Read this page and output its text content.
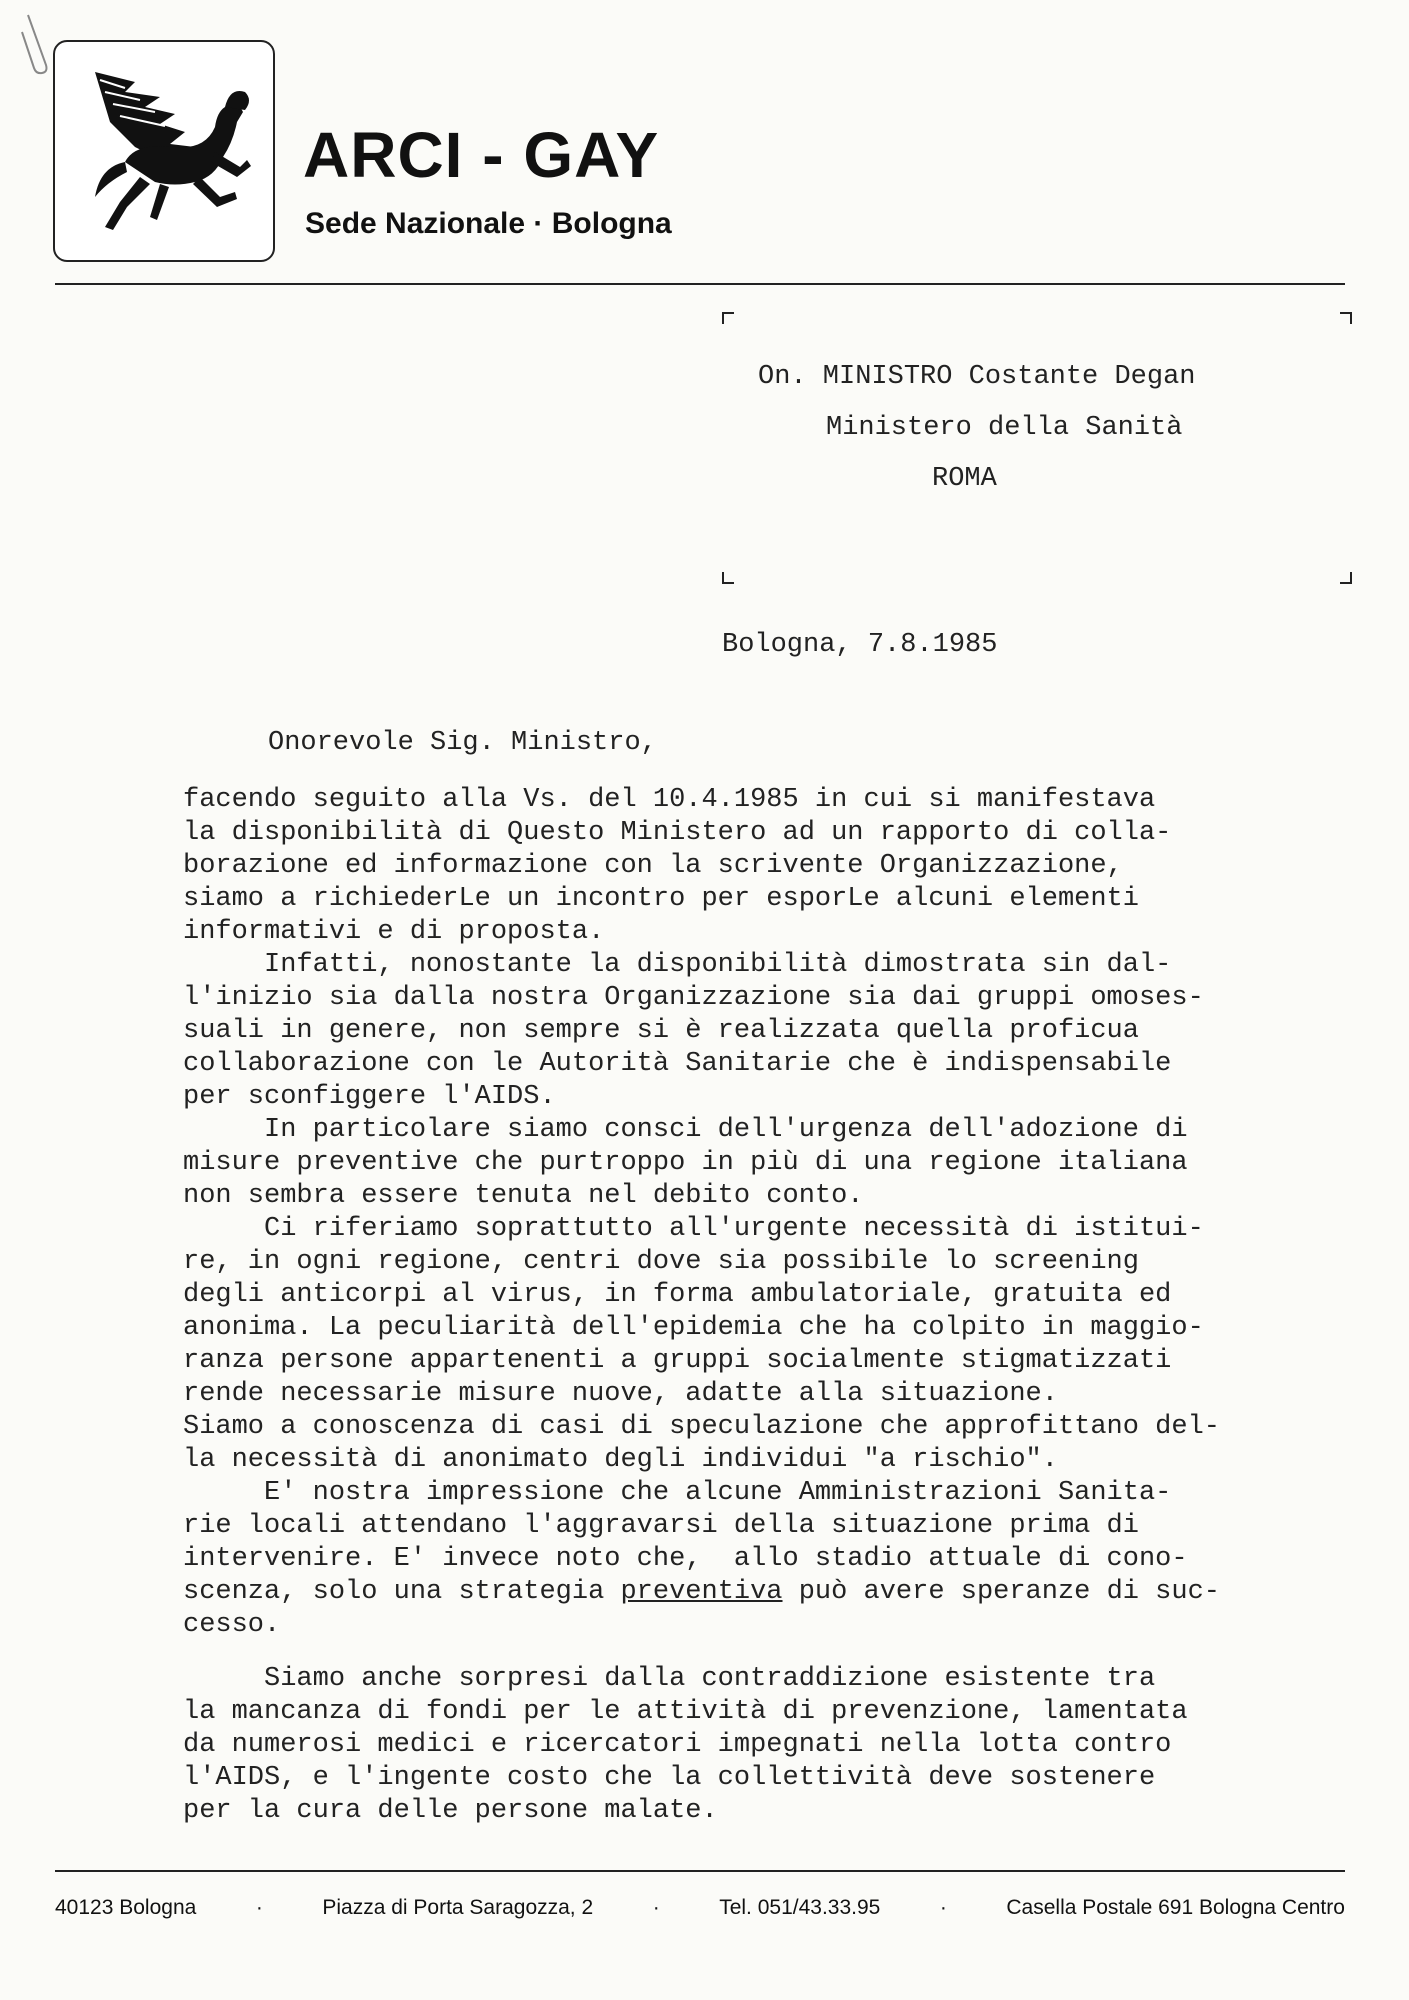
ARCI - GAY
Sede Nazionale · Bologna
On. MINISTRO Costante Degan
Ministero della Sanità
ROMA
Bologna, 7.8.1985
Onorevole Sig. Ministro,
facendo seguito alla Vs. del 10.4.1985 in cui si manifestava
la disponibilità di Questo Ministero ad un rapporto di colla-
borazione ed informazione con la scrivente Organizzazione,
siamo a richiederLe un incontro per esporLe alcuni elementi
informativi e di proposta.
Infatti, nonostante la disponibilità dimostrata sin dal-
l'inizio sia dalla nostra Organizzazione sia dai gruppi omoses-
suali in genere, non sempre si è realizzata quella proficua
collaborazione con le Autorità Sanitarie che è indispensabile
per sconfiggere l'AIDS.
In particolare siamo consci dell'urgenza dell'adozione di
misure preventive che purtroppo in più di una regione italiana
non sembra essere tenuta nel debito conto.
Ci riferiamo soprattutto all'urgente necessità di istitui-
re, in ogni regione, centri dove sia possibile lo screening
degli anticorpi al virus, in forma ambulatoriale, gratuita ed
anonima. La peculiarità dell'epidemia che ha colpito in maggio-
ranza persone appartenenti a gruppi socialmente stigmatizzati
rende necessarie misure nuove, adatte alla situazione.
Siamo a conoscenza di casi di speculazione che approfittano del-
la necessità di anonimato degli individui "a rischio".
E' nostra impressione che alcune Amministrazioni Sanita-
rie locali attendano l'aggravarsi della situazione prima di
intervenire. E' invece noto che,  allo stadio attuale di cono-
scenza, solo una strategia preventiva può avere speranze di suc-
cesso.
Siamo anche sorpresi dalla contraddizione esistente tra
la mancanza di fondi per le attività di prevenzione, lamentata
da numerosi medici e ricercatori impegnati nella lotta contro
l'AIDS, e l'ingente costo che la collettività deve sostenere
per la cura delle persone malate.
40123 Bologna	·	Piazza di Porta Saragozza, 2	·	Tel. 051/43.33.95	·	Casella Postale 691 Bologna Centro
